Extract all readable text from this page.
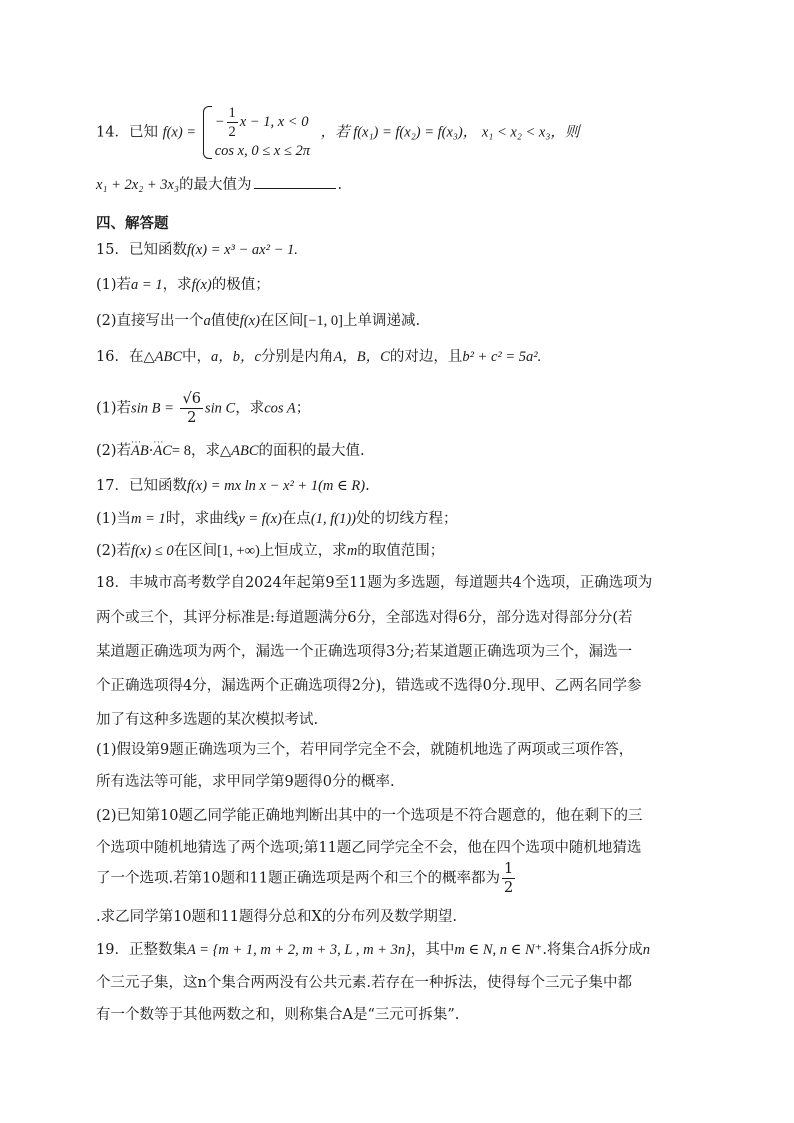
14．已知 f(x) =
− $\frac{1}{2}$ x − 1, x < 0
cos x, 0 ≤ x ≤ 2π
，若 f(x₁) = f(x₂) = f(x₃)， x₁ < x₂ < x₃，则
x₁ + 2x₂ + 3x₃的最大值为	.
四、解答题
15．已知函数f(x) = x³ − ax² − 1.
(1)若a = 1，求f(x)的极值；
(2)直接写出一个a值使f(x)在区间[−1, 0]上单调递减.
16．在△ABC中，a，b，c分别是内角A，B，C的对边，且b² + c² = 5a².
(1)若$\sin B = \frac{√6}{2}$ sin C，求cos A；
(2)若··· AB···· AC= 8，求△ABC的面积的最大值.
17．已知函数f(x) = mx ln x − x² + 1(m ∈ R).
(1)当m = 1时，求曲线y = f(x)在点(1, f(1))处的切线方程；
(2)若f(x) ≤ 0在区间[1, +∞)上恒成立，求m的取值范围；
18．丰城市高考数学自2024年起第9至11题为多选题，每道题共4个选项，正确选项为
两个或三个，其评分标准是:每道题满分6分，全部选对得6分，部分选对得部分分(若
某道题正确选项为两个，漏选一个正确选项得3分;若某道题正确选项为三个，漏选一
个正确选项得4分，漏选两个正确选项得2分)，错选或不选得0分.现甲、乙两名同学参
加了有这种多选题的某次模拟考试.
(1)假设第9题正确选项为三个，若甲同学完全不会，就随机地选了两项或三项作答，
所有选法等可能，求甲同学第9题得0分的概率.
(2)已知第10题乙同学能正确地判断出其中的一个选项是不符合题意的，他在剩下的三
个选项中随机地猜选了两个选项;第11题乙同学完全不会，他在四个选项中随机地猜选
了一个选项.若第10题和11题正确选项是两个和三个的概率都为 $\frac{1}{2}$
.求乙同学第10题和11题得分总和X的分布列及数学期望.
19．正整数集A = {m + 1, m + 2, m + 3, L , m + 3n}，其中m ∈ N, n ∈ N⁺.将集合A拆分成n
个三元子集，这n个集合两两没有公共元素.若存在一种拆法，使得每个三元子集中都
有一个数等于其他两数之和，则称集合A是“三元可拆集”.
